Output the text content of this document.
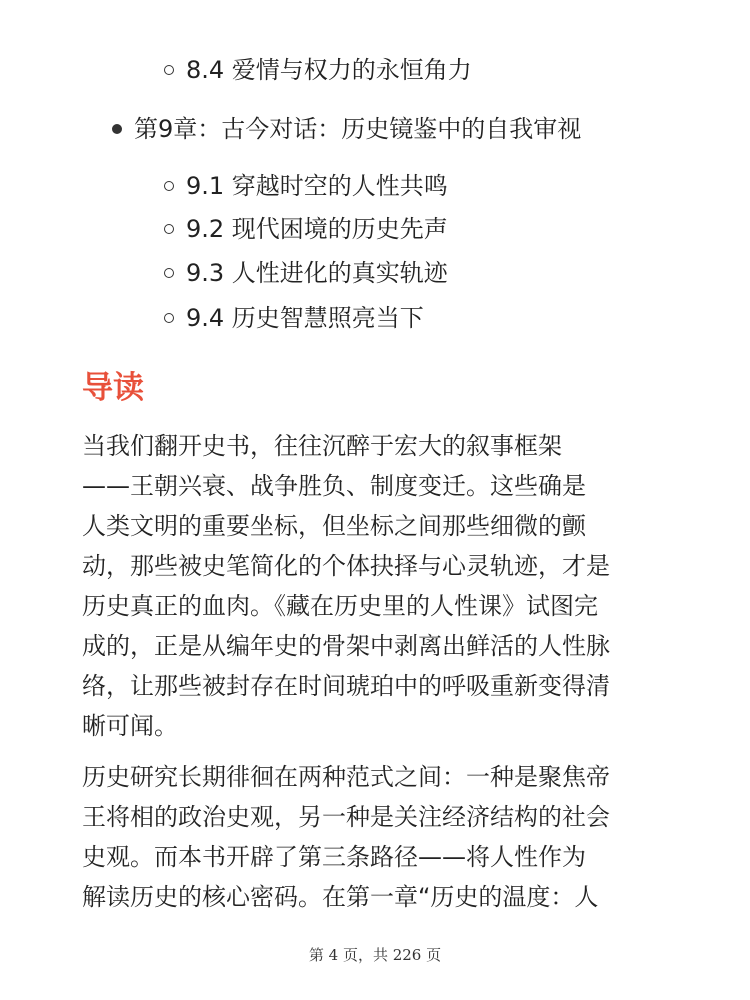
8.4 爱情与权力的永恒角力
第9章：古今对话：历史镜鉴中的自我审视
9.1 穿越时空的人性共鸣
9.2 现代困境的历史先声
9.3 人性进化的真实轨迹
9.4 历史智慧照亮当下
导读

当我们翻开史书，往往沉醉于宏大的叙事框架
——王朝兴衰、战争胜负、制度变迁。这些确是
人类文明的重要坐标，但坐标之间那些细微的颤
动，那些被史笔简化的个体抉择与心灵轨迹，才是
历史真正的血肉。《藏在历史里的人性课》试图完
成的，正是从编年史的骨架中剥离出鲜活的人性脉
络，让那些被封存在时间琥珀中的呼吸重新变得清
晰可闻。

历史研究长期徘徊在两种范式之间：一种是聚焦帝
王将相的政治史观，另一种是关注经济结构的社会
史观。而本书开辟了第三条路径——将人性作为
解读历史的核心密码。在第一章“历史的温度：人

第 4 页，共 226 页
